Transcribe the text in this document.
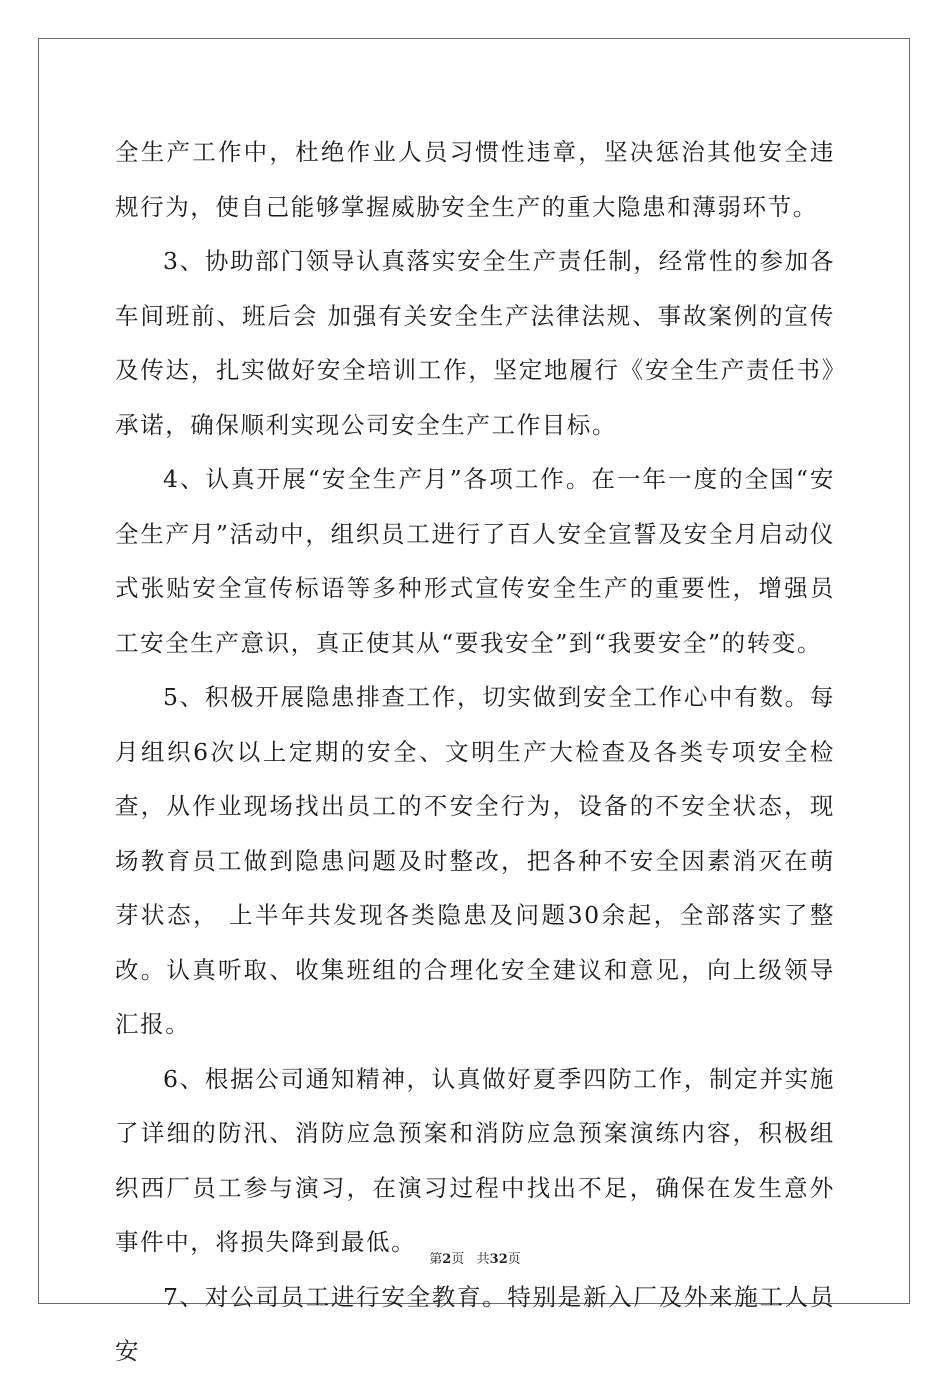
全生产工作中，杜绝作业人员习惯性违章，坚决惩治其他安全违规行为，使自己能够掌握威胁安全生产的重大隐患和薄弱环节。

3、协助部门领导认真落实安全生产责任制，经常性的参加各车间班前、班后会 加强有关安全生产法律法规、事故案例的宣传及传达，扎实做好安全培训工作，坚定地履行《安全生产责任书》承诺，确保顺利实现公司安全生产工作目标。

4、认真开展“安全生产月”各项工作。在一年一度的全国“安全生产月”活动中，组织员工进行了百人安全宣誓及安全月启动仪式张贴安全宣传标语等多种形式宣传安全生产的重要性，增强员工安全生产意识，真正使其从“要我安全”到“我要安全”的转变。

5、积极开展隐患排查工作，切实做到安全工作心中有数。每月组织6次以上定期的安全、文明生产大检查及各类专项安全检查，从作业现场找出员工的不安全行为，设备的不安全状态，现场教育员工做到隐患问题及时整改，把各种不安全因素消灭在萌芽状态， 上半年共发现各类隐患及问题30余起，全部落实了整改。认真听取、收集班组的合理化安全建议和意见，向上级领导汇报。

6、根据公司通知精神，认真做好夏季四防工作，制定并实施了详细的防汛、消防应急预案和消防应急预案演练内容，积极组织西厂员工参与演习，在演习过程中找出不足，确保在发生意外事件中，将损失降到最低。

7、对公司员工进行安全教育。特别是新入厂及外来施工人员安

第2页   共32页
